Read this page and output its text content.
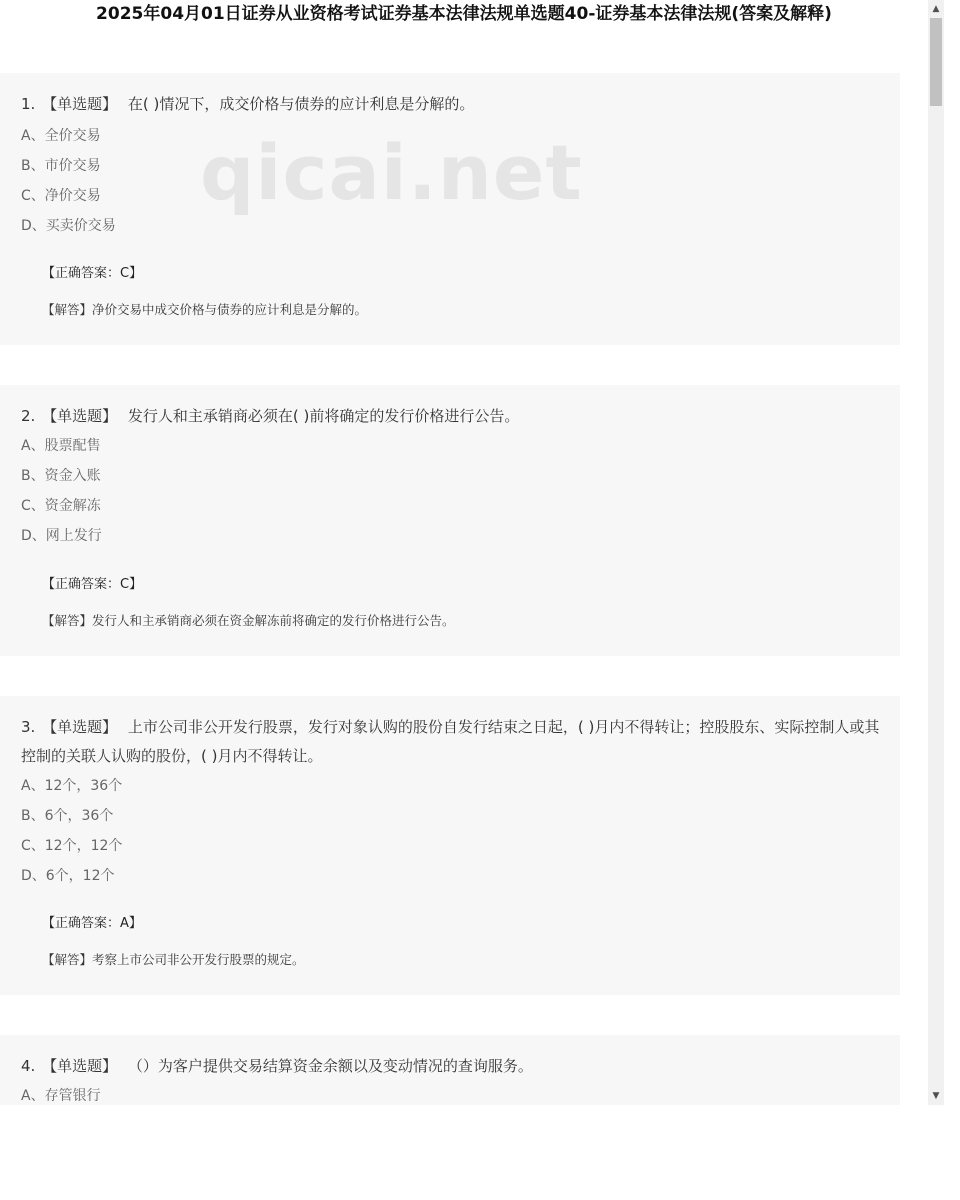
2025年04月01日证券从业资格考试证券基本法律法规单选题40-证券基本法律法规(答案及解释)
1. 【单选题】 在( )情况下，成交价格与债券的应计利息是分解的。
A、全价交易
B、市价交易
C、净价交易
D、买卖价交易
【正确答案：C】
【解答】净价交易中成交价格与债券的应计利息是分解的。
2. 【单选题】 发行人和主承销商必须在( )前将确定的发行价格进行公告。
A、股票配售
B、资金入账
C、资金解冻
D、网上发行
【正确答案：C】
【解答】发行人和主承销商必须在资金解冻前将确定的发行价格进行公告。
3. 【单选题】 上市公司非公开发行股票，发行对象认购的股份自发行结束之日起，( )月内不得转让；控股股东、实际控制人或其控制的关联人认购的股份，( )月内不得转让。
A、12个，36个
B、6个，36个
C、12个，12个
D、6个，12个
【正确答案：A】
【解答】考察上市公司非公开发行股票的规定。
4. 【单选题】 （）为客户提供交易结算资金余额以及变动情况的查询服务。
A、存管银行
▲
▼
